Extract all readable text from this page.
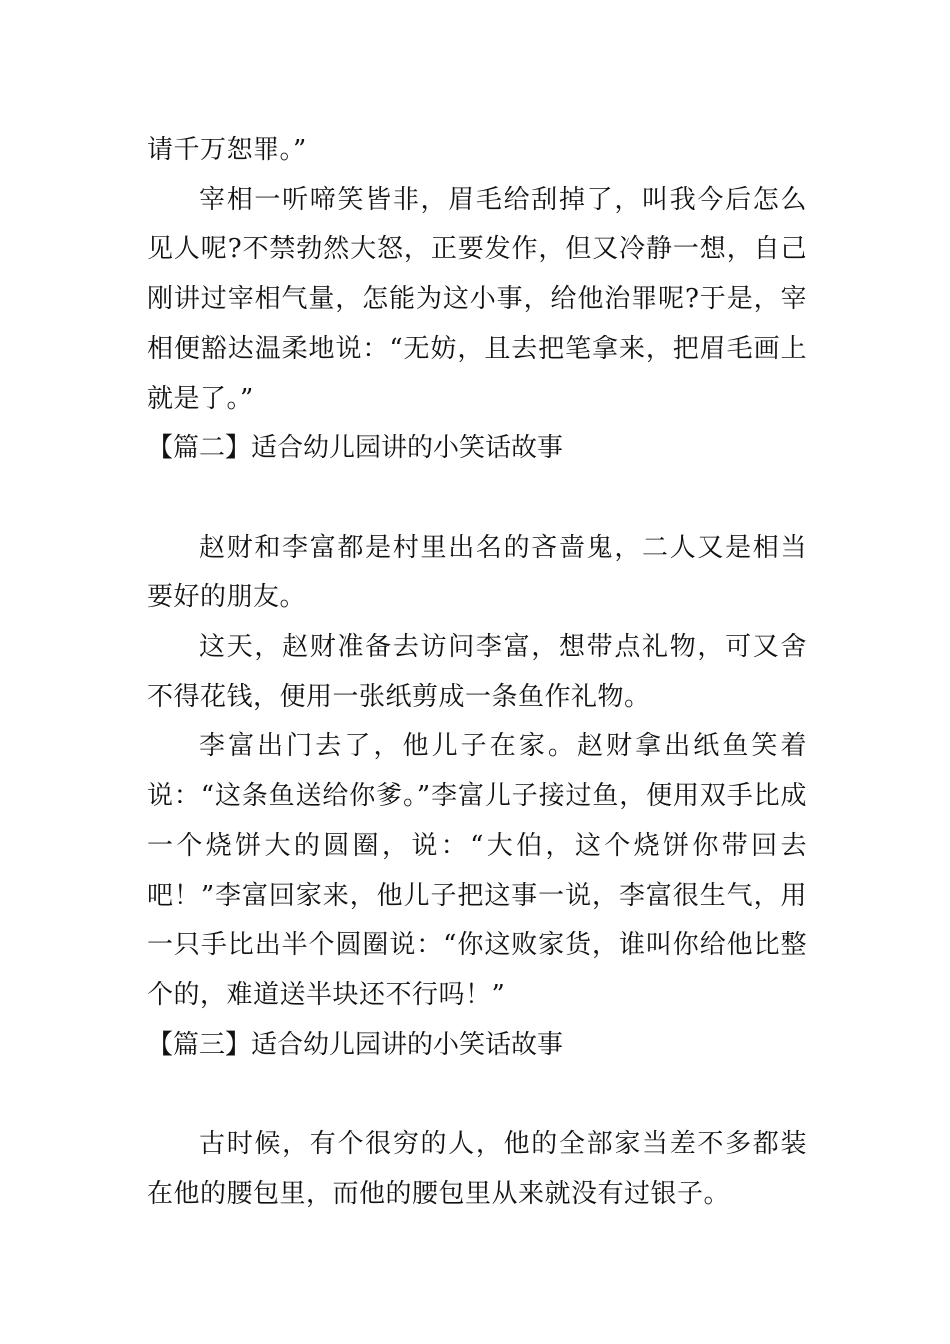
请千万恕罪。”

宰相一听啼笑皆非，眉毛给刮掉了，叫我今后怎么见人呢?不禁勃然大怒，正要发作，但又冷静一想，自己刚讲过宰相气量，怎能为这小事，给他治罪呢?于是，宰相便豁达温柔地说：“无妨，且去把笔拿来，把眉毛画上就是了。”

【篇二】适合幼儿园讲的小笑话故事

赵财和李富都是村里出名的吝啬鬼，二人又是相当要好的朋友。

这天，赵财准备去访问李富，想带点礼物，可又舍不得花钱，便用一张纸剪成一条鱼作礼物。

李富出门去了，他儿子在家。赵财拿出纸鱼笑着说：“这条鱼送给你爹。”李富儿子接过鱼，便用双手比成一个烧饼大的圆圈，说：“大伯，这个烧饼你带回去吧！”李富回家来，他儿子把这事一说，李富很生气，用一只手比出半个圆圈说：“你这败家货，谁叫你给他比整个的，难道送半块还不行吗！”

【篇三】适合幼儿园讲的小笑话故事

古时候，有个很穷的人，他的全部家当差不多都装在他的腰包里，而他的腰包里从来就没有过银子。
